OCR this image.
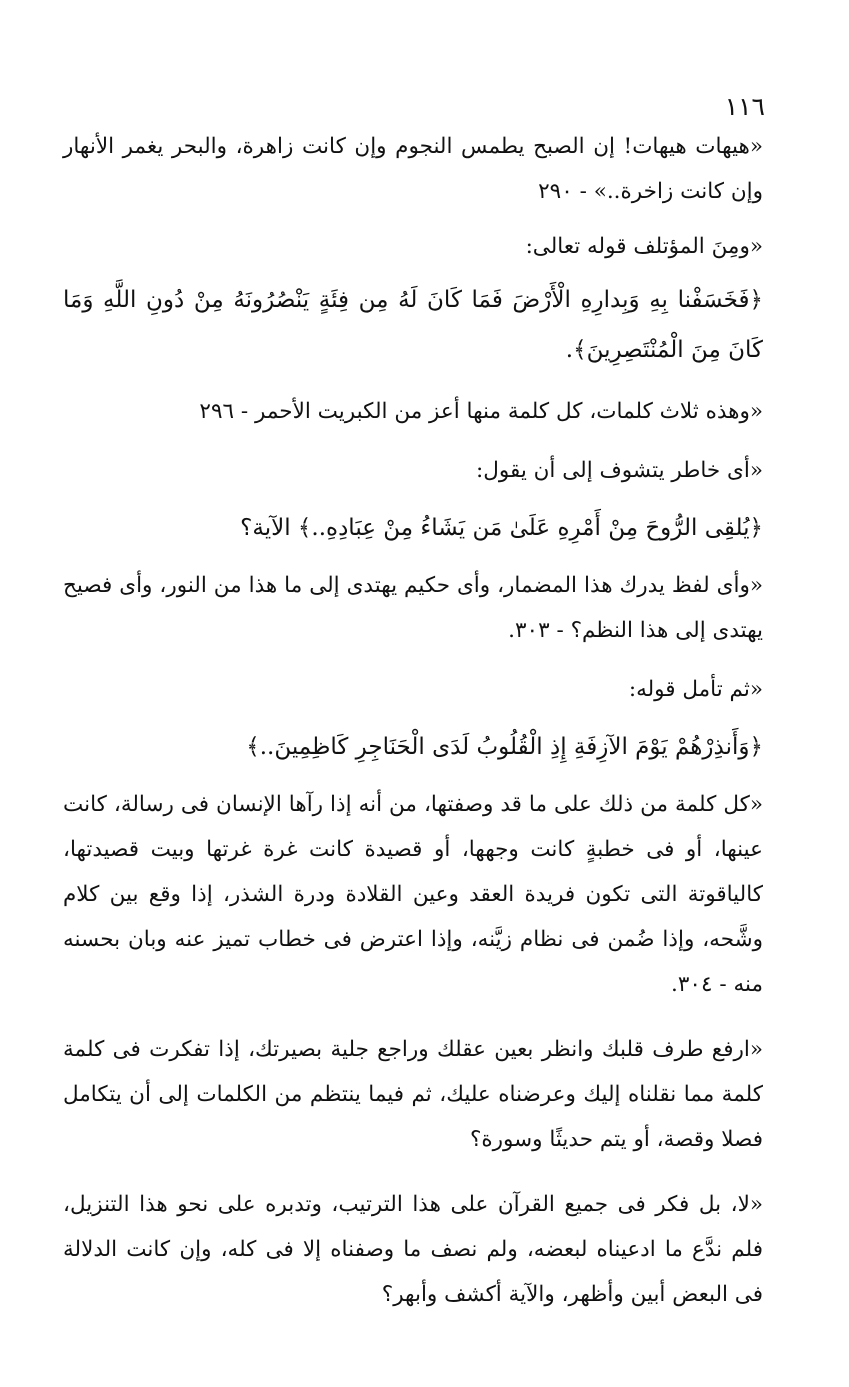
١١٦

«هيهات هيهات! إن الصبح يطمس النجوم وإن كانت زاهرة، والبحر يغمر الأنهار وإن كانت زاخرة..» - ٢٩٠

«ومِنَ المؤتلف قوله تعالى:

﴿فَخَسَفْنا بِهِ وَبِدارِهِ الْأَرْضَ فَمَا كَانَ لَهُ مِن فِئَةٍ يَنْصُرُونَهُ مِنْ دُونِ اللَّهِ وَمَا كَانَ مِنَ الْمُنْتَصِرِينَ﴾.

«وهذه ثلاث كلمات، كل كلمة منها أعز من الكبريت الأحمر - ٢٩٦

«أى خاطر يتشوف إلى أن يقول:

﴿يُلقِى الرُّوحَ مِنْ أَمْرِهِ عَلَىٰ مَن يَشَاءُ مِنْ عِبَادِهِ..﴾ الآية؟

«وأى لفظ يدرك هذا المضمار، وأى حكيم يهتدى إلى ما هذا من النور، وأى فصيح يهتدى إلى هذا النظم؟ - ٣٠٣.

«ثم تأمل قوله:

﴿وَأَنذِرْهُمْ يَوْمَ الآزِفَةِ إِذِ الْقُلُوبُ لَدَى الْحَنَاجِرِ كَاظِمِينَ..﴾

«كل كلمة من ذلك على ما قد وصفتها، من أنه إذا رآها الإنسان فى رسالة، كانت عينها، أو فى خطبةٍ كانت وجهها، أو قصيدة كانت غرة غرتها وبيت قصيدتها، كالياقوتة التى تكون فريدة العقد وعين القلادة ودرة الشذر، إذا وقع بين كلام وشَّحه، وإذا ضُمن فى نظام زيَّنه، وإذا اعترض فى خطاب تميز عنه وبان بحسنه منه - ٣٠٤.

«ارفع طرف قلبك وانظر بعين عقلك وراجع جلية بصيرتك، إذا تفكرت فى كلمة كلمة مما نقلناه إليك وعرضناه عليك، ثم فيما ينتظم من الكلمات إلى أن يتكامل فصلا وقصة، أو يتم حديثًا وسورة؟

«لا، بل فكر فى جميع القرآن على هذا الترتيب، وتدبره على نحو هذا التنزيل، فلم ندَّع ما ادعيناه لبعضه، ولم نصف ما وصفناه إلا فى كله، وإن كانت الدلالة فى البعض أبين وأظهر، والآية أكشف وأبهر؟
